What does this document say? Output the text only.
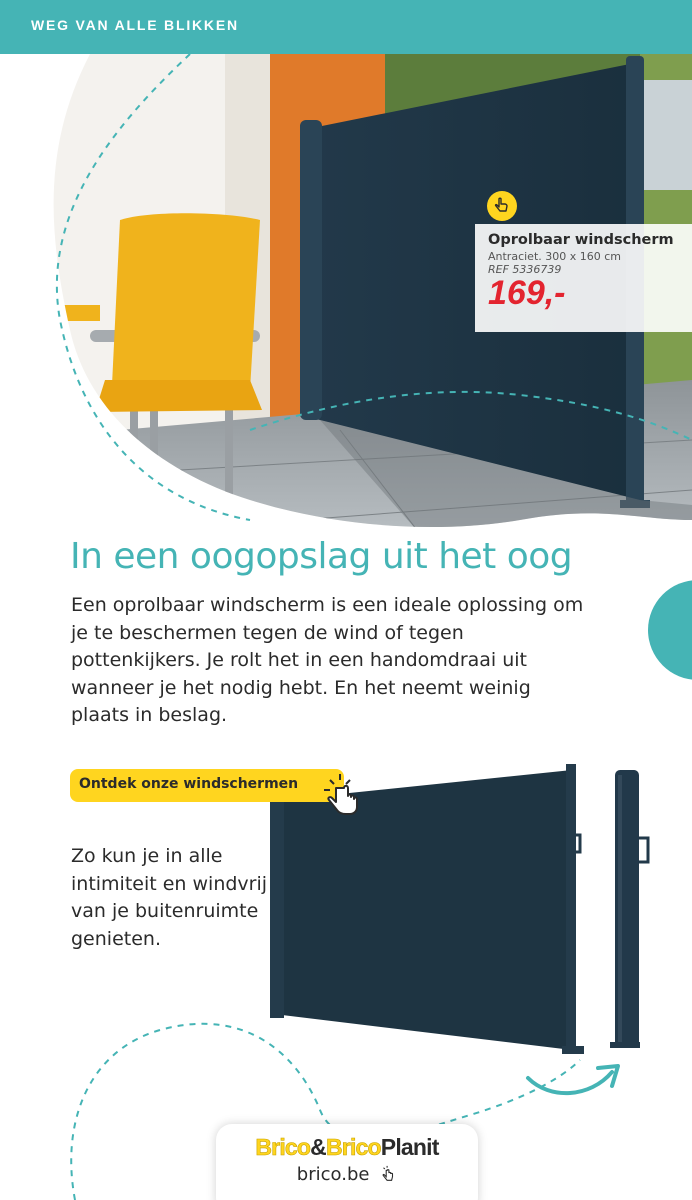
WEG VAN ALLE BLIKKEN
Oprolbaar windscherm
Antraciet. 300 x 160 cm
REF 5336739
169,-
In een oogopslag uit het oog

Een oprolbaar windscherm is een ideale oplossing om je te beschermen tegen de wind of tegen pottenkijkers. Je rolt het in een handomdraai uit wanneer je het nodig hebt. En het neemt weinig plaats in beslag.

Ontdek onze windschermen

Zo kun je in alle intimiteit en windvrij van je buitenruimte genieten.

Brico&BricoPlanit
brico.be
